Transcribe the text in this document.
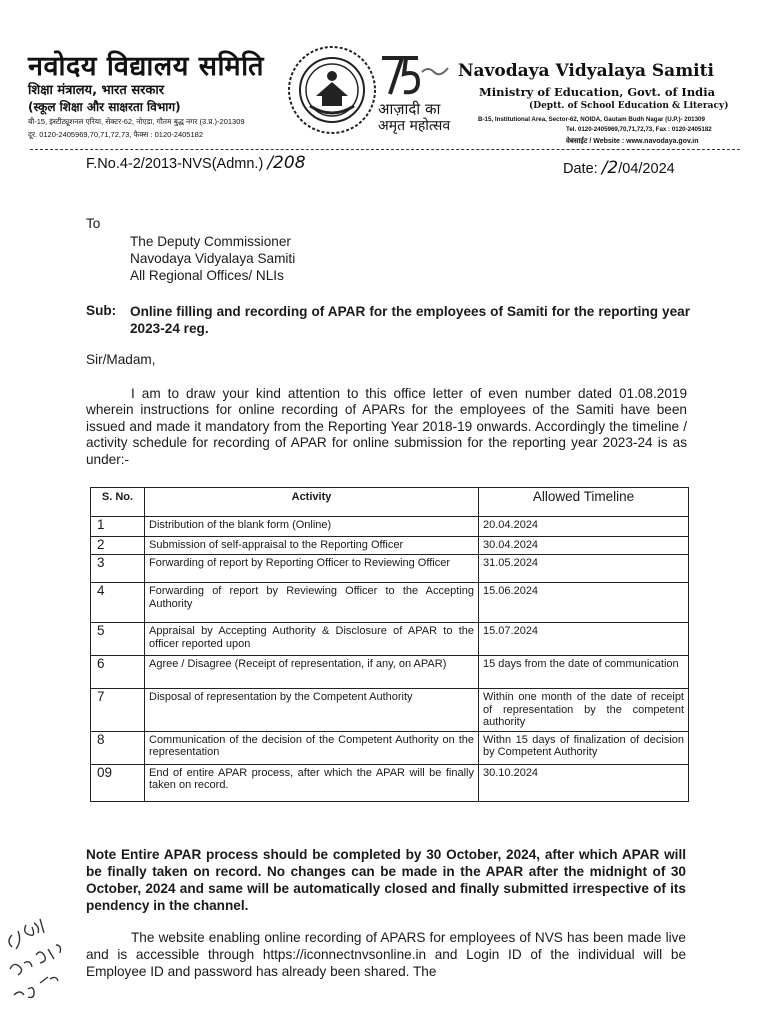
नवोदय विद्यालय समिति
शिक्षा मंत्रालय, भारत सरकार
(स्कूल शिक्षा और साक्षरता विभाग)
बी-15, इंस्टीट्यूशनल एरिया, सेक्टर-62, नोएडा, गौतम बुद्ध नगर (उ.प्र.)-201309
दूर. 0120-2405969,70,71,72,73, फैक्स : 0120-2405182
आज़ादी का
अमृत महोत्सव
Navodaya Vidyalaya Samiti
Ministry of Education, Govt. of India
(Deptt. of School Education & Literacy)
B-15, Institutional Area, Sector-62, NOIDA, Gautam Budh Nagar (U.P.)- 201309
Tel. 0120-2405969,70,71,72,73, Fax : 0120-2405182
वेबसाईट / Website : www.navodaya.gov.in
F.No.4-2/2013-NVS(Admn.) /208	Date: /2/04/2024
To
The Deputy Commissioner
Navodaya Vidyalaya Samiti
All Regional Offices/ NLIs
Sub: Online filling and recording of APAR for the employees of Samiti for the reporting year 2023-24 reg.
Sir/Madam,
I am to draw your kind attention to this office letter of even number dated 01.08.2019 wherein instructions for online recording of APARs for the employees of the Samiti have been issued and made it mandatory from the Reporting Year 2018-19 onwards. Accordingly the timeline / activity schedule for recording of APAR for online submission for the reporting year 2023-24 is as under:-
S. No.	Activity	Allowed Timeline
1	Distribution of the blank form (Online)	20.04.2024
2	Submission of self-appraisal to the Reporting Officer	30.04.2024
3	Forwarding of report by Reporting Officer to Reviewing Officer	31.05.2024
4	Forwarding of report by Reviewing Officer to the Accepting Authority	15.06.2024
5	Appraisal by Accepting Authority & Disclosure of APAR to the officer reported upon	15.07.2024
6	Agree / Disagree (Receipt of representation, if any, on APAR)	15 days from the date of communication
7	Disposal of representation by the Competent Authority	Within one month of the date of receipt of representation by the competent authority
8	Communication of the decision of the Competent Authority on the representation	Withn 15 days of finalization of decision by Competent Authority
09	End of entire APAR process, after which the APAR will be finally taken on record.	30.10.2024
Note Entire APAR process should be completed by 30 October, 2024, after which APAR will be finally taken on record. No changes can be made in the APAR after the midnight of 30 October, 2024 and same will be automatically closed and finally submitted irrespective of its pendency in the channel.
The website enabling online recording of APARS for employees of NVS has been made live and is accessible through https://iconnectnvsonline.in and Login ID of the individual will be Employee ID and password has already been shared. The
